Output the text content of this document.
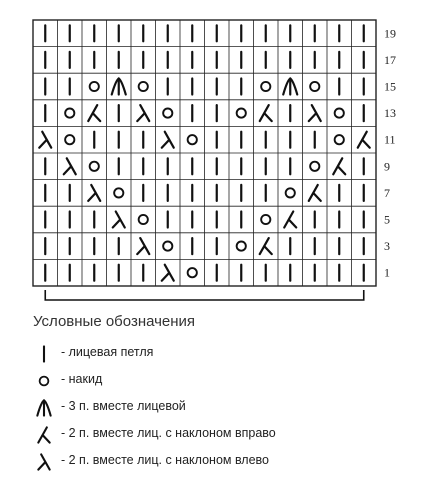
19
17
15
13
11
9
7
5
3
1
Условные обозначения
- лицевая петля
- накид
- 3 п. вместе лицевой
- 2 п. вместе лиц. с наклоном вправо
- 2 п. вместе лиц. с наклоном влево
